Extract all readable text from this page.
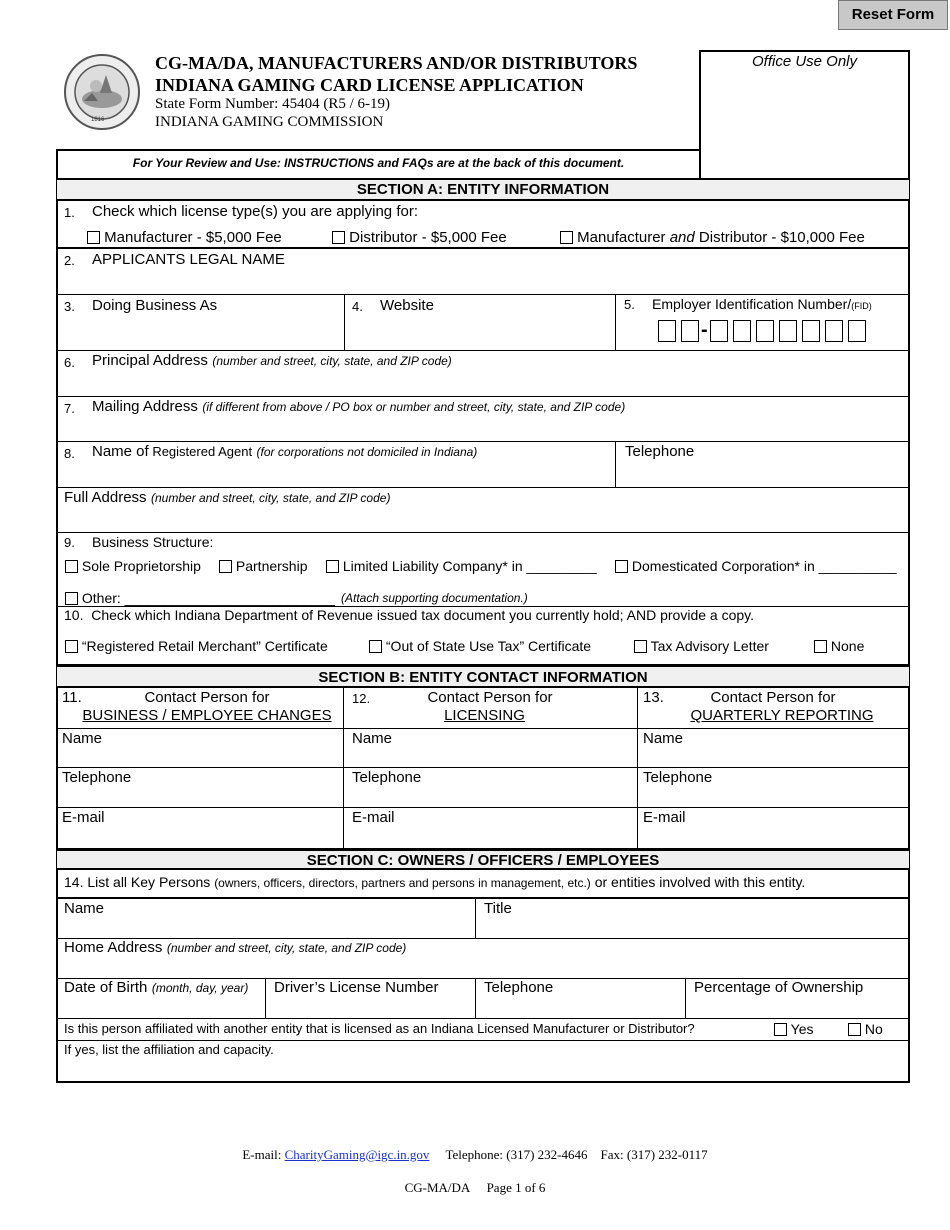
Reset Form
1816
CG-MA/DA, MANUFACTURERS AND/OR DISTRIBUTORS
INDIANA GAMING CARD LICENSE APPLICATION
State Form Number: 45404 (R5 / 6-19)
INDIANA GAMING COMMISSION
Office Use Only
For Your Review and Use: INSTRUCTIONS and FAQs are at the back of this document.
SECTION A: ENTITY INFORMATION
1. Check which license type(s) you are applying for:
Manufacturer - $5,000 Fee	Distributor - $5,000 Fee	Manufacturer and Distributor - $10,000 Fee
2. APPLICANTS LEGAL NAME
3. Doing Business As	4. Website	5. Employer Identification Number/(FID)
-
6. Principal Address (number and street, city, state, and ZIP code)
7. Mailing Address (if different from above / PO box or number and street, city, state, and ZIP code)
8. Name of Registered Agent (for corporations not domiciled in Indiana)	Telephone
Full Address (number and street, city, state, and ZIP code)
9. Business Structure:
Sole Proprietorship	Partnership	Limited Liability Company* in _________	Domesticated Corporation* in __________
Other: ___________________________ (Attach supporting documentation.)
10. Check which Indiana Department of Revenue issued tax document you currently hold; AND provide a copy.
“Registered Retail Merchant” Certificate	“Out of State Use Tax” Certificate	Tax Advisory Letter	None
SECTION B: ENTITY CONTACT INFORMATION
11.	Contact Person for
BUSINESS / EMPLOYEE CHANGES
12.	Contact Person for
LICENSING
13.	Contact Person for
QUARTERLY REPORTING
Name	Name	Name
Telephone	Telephone	Telephone
E-mail	E-mail	E-mail
SECTION C: OWNERS / OFFICERS / EMPLOYEES
14. List all Key Persons (owners, officers, directors, partners and persons in management, etc.) or entities involved with this entity.
Name	Title
Home Address (number and street, city, state, and ZIP code)
Date of Birth (month, day, year) Driver’s License Number	Telephone	Percentage of Ownership
Is this person affiliated with another entity that is licensed as an Indiana Licensed Manufacturer or Distributor?	Yes	No
If yes, list the affiliation and capacity.
E-mail: CharityGaming@igc.in.gov Telephone: (317) 232-4646 Fax: (317) 232-0117
CG-MA/DA Page 1 of 6
